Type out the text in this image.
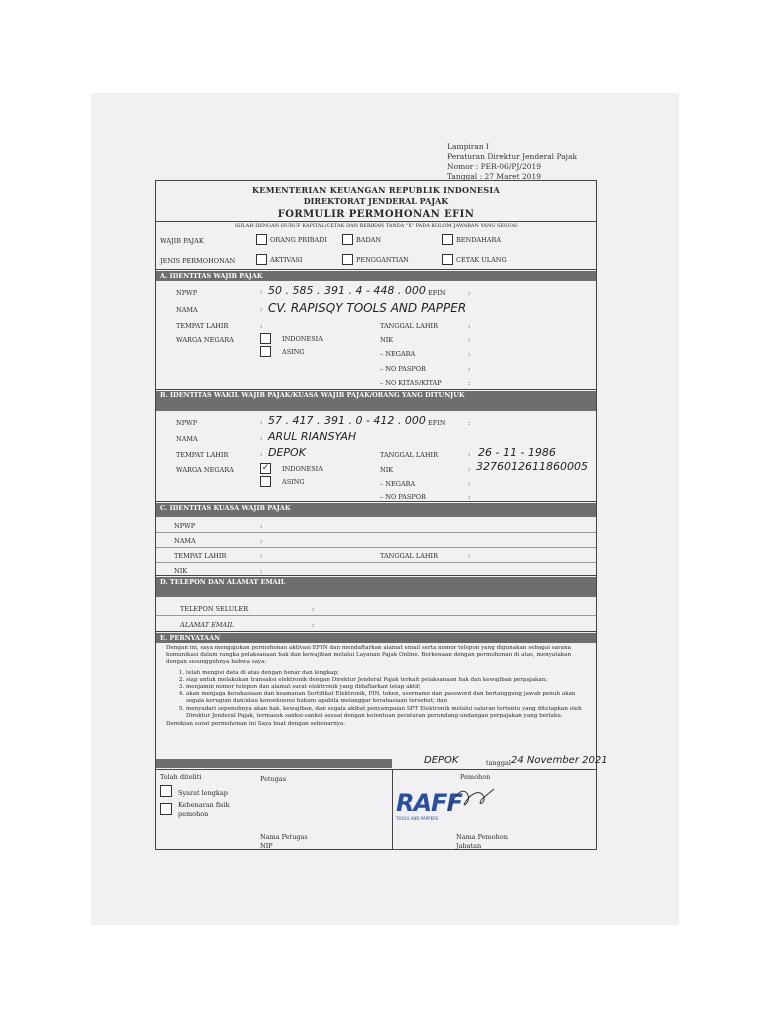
Lampiran I
Peraturan Direktur Jenderal Pajak
Nomor : PER-06/PJ/2019
Tanggal : 27 Maret 2019
KEMENTERIAN KEUANGAN REPUBLIK INDONESIA
DIREKTORAT JENDERAL PAJAK
FORMULIR PERMOHONAN EFIN
ISILAH DENGAN HURUF KAPITAL/CETAK DAN BERIKAN TANDA "X" PADA KOLOM JAWABAN YANG SESUAI
WAJIB PAJAK	ORANG PRIBADI	BADAN	BENDAHARA
JENIS PERMOHONAN	AKTIVASI	PENGGANTIAN	CETAK ULANG
A. IDENTITAS WAJIB PAJAK
NPWP	: 50 . 585 . 391 . 4 - 448 . 000 EFIN	:
NAMA	: CV. RAPISQY TOOLS AND PAPPER
TEMPAT LAHIR	:	TANGGAL LAHIR	:
WARGA NEGARA	INDONESIA	NIK	:
ASING	– NEGARA	:
– NO PASPOR	:
– NO KITAS/KITAP	:
B. IDENTITAS WAKIL WAJIB PAJAK/KUASA WAJIB PAJAK/ORANG YANG DITUNJUK
NPWP	: 57 . 417 . 391 . 0 - 412 . 000 EFIN	:
NAMA	: ARUL RIANSYAH
TEMPAT LAHIR	: DEPOK	TANGGAL LAHIR	: 26 - 11 - 1986
WARGA NEGARA	✓ INDONESIA	NIK	: 3276012611860005
ASING	– NEGARA	:
– NO PASPOR	:
C. IDENTITAS KUASA WAJIB PAJAK
NPWP	:
NAMA	:
TEMPAT LAHIR	:	TANGGAL LAHIR	:
NIK	:
D. TELEPON DAN ALAMAT EMAIL
TELEPON SELULER	:
ALAMAT EMAIL	:
E. PERNYATAAN
Dengan ini, saya mengajukan permohonan aktivasi EFIN dan mendaftarkan alamat email serta nomor telepon yang digunakan sebagai sarana komunikasi dalam rangka pelaksanaan hak dan kewajiban melalui Layanan Pajak Online. Berkenaan dengan permohonan di atas, menyatakan dengan sesungguhnya bahwa saya:
1. telah mengisi data di atas dengan benar dan lengkap;
2. siap untuk melakukan transaksi elektronik dengan Direktur Jenderal Pajak terkait pelaksanaan hak dan kewajiban perpajakan;
3. menjamin nomor telepon dan alamat surat elektronik yang didaftarkan tetap aktif;
4. akan menjaga kerahasiaan dan keamanan Sertifikat Elektronik, PIN, token, username dan password dan bertanggung jawab penuh akan segala kerugian dan/atau konsekuensi hukum apabila melanggar kerahasiaan tersebut; dan
5. menyadari sepenuhnya akan hak, kewajiban, dan segala akibat penyampaian SPT Elektronik melalui saluran tertentu yang ditetapkan oleh Direktur Jenderal Pajak, termasuk sanksi-sanksi sesuai dengan ketentuan peraturan perundang-undangan perpajakan yang berlaku.
Demikian surat permohonan ini Saya buat dengan sebenarnya.
DEPOK	tanggal 24 November 2021
Telah diteliti	Petugas	Pemohon
Syarat lengkap
Kebenaran fisik
pemohon	RAFF
TOOLS AND PAPPERS
Nama Petugas
NIP
Nama Pemohon
Jabatan
